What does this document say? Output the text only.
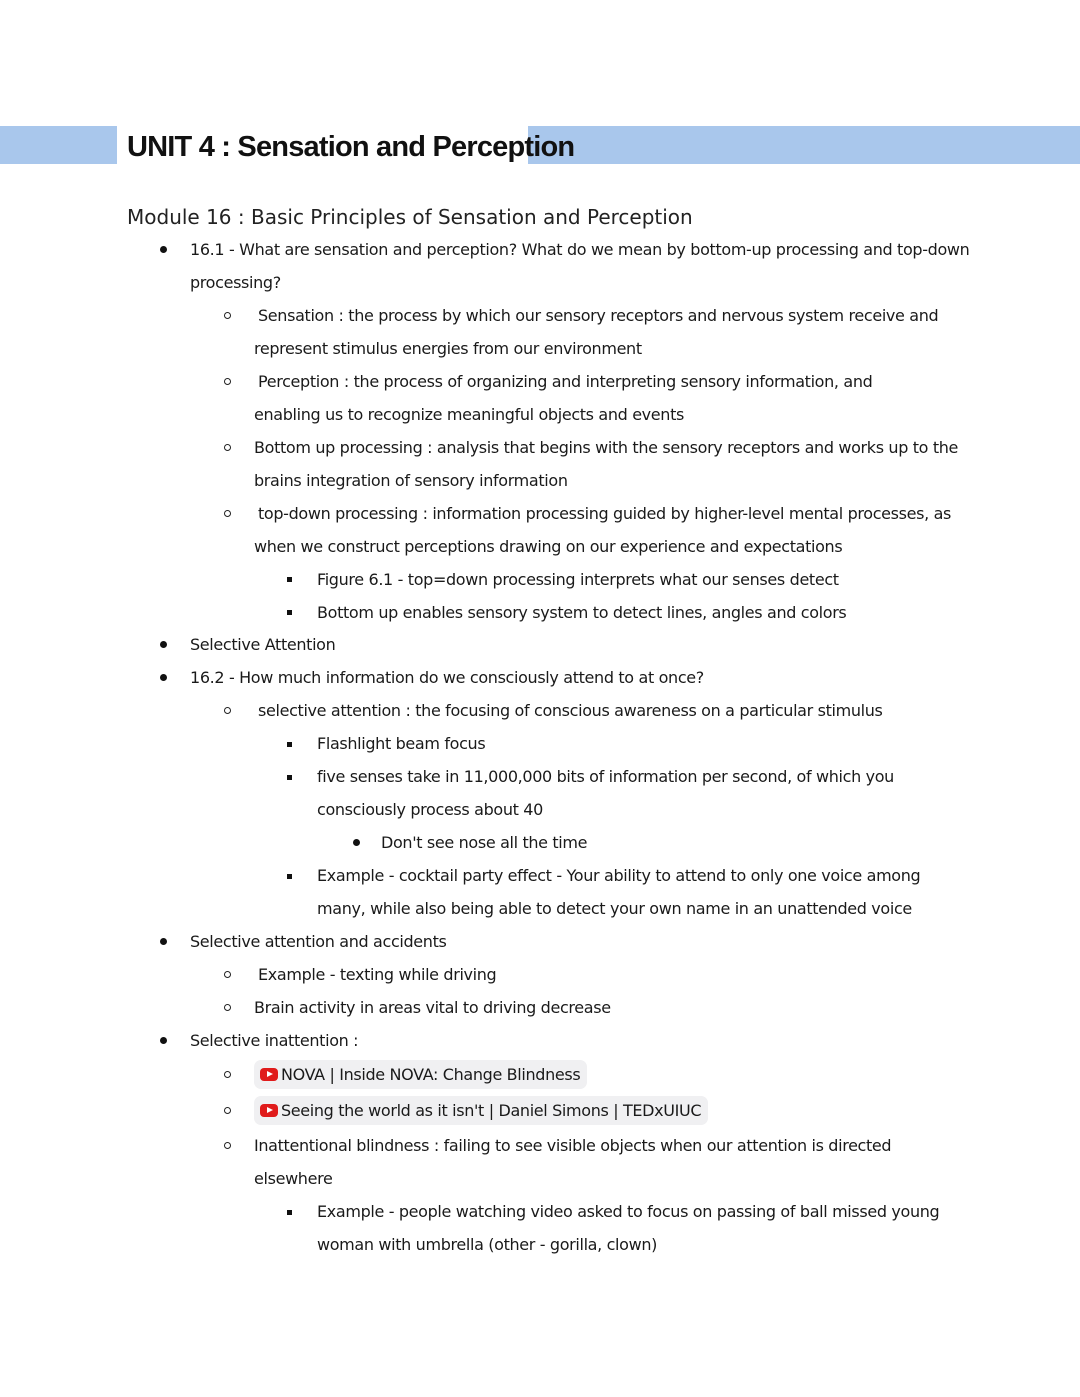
UNIT 4 : Sensation and Perception
Module 16 : Basic Principles of Sensation and Perception
16.1 - What are sensation and perception? What do we mean by bottom-up processing and top-down
processing?
Sensation : the process by which our sensory receptors and nervous system receive and
represent stimulus energies from our environment
Perception : the process of organizing and interpreting sensory information, and
enabling us to recognize meaningful objects and events
Bottom up processing : analysis that begins with the sensory receptors and works up to the
brains integration of sensory information
top-down processing : information processing guided by higher-level mental processes, as
when we construct perceptions drawing on our experience and expectations
Figure 6.1 - top=down processing interprets what our senses detect
Bottom up enables sensory system to detect lines, angles and colors
Selective Attention
16.2 - How much information do we consciously attend to at once?
selective attention : the focusing of conscious awareness on a particular stimulus
Flashlight beam focus
five senses take in 11,000,000 bits of information per second, of which you
consciously process about 40
Don't see nose all the time
Example - cocktail party effect - Your ability to attend to only one voice among
many, while also being able to detect your own name in an unattended voice
Selective attention and accidents
Example - texting while driving
Brain activity in areas vital to driving decrease
Selective inattention :
NOVA | Inside NOVA: Change Blindness
Seeing the world as it isn't | Daniel Simons | TEDxUIUC
Inattentional blindness : failing to see visible objects when our attention is directed
elsewhere
Example - people watching video asked to focus on passing of ball missed young
woman with umbrella (other - gorilla, clown)
